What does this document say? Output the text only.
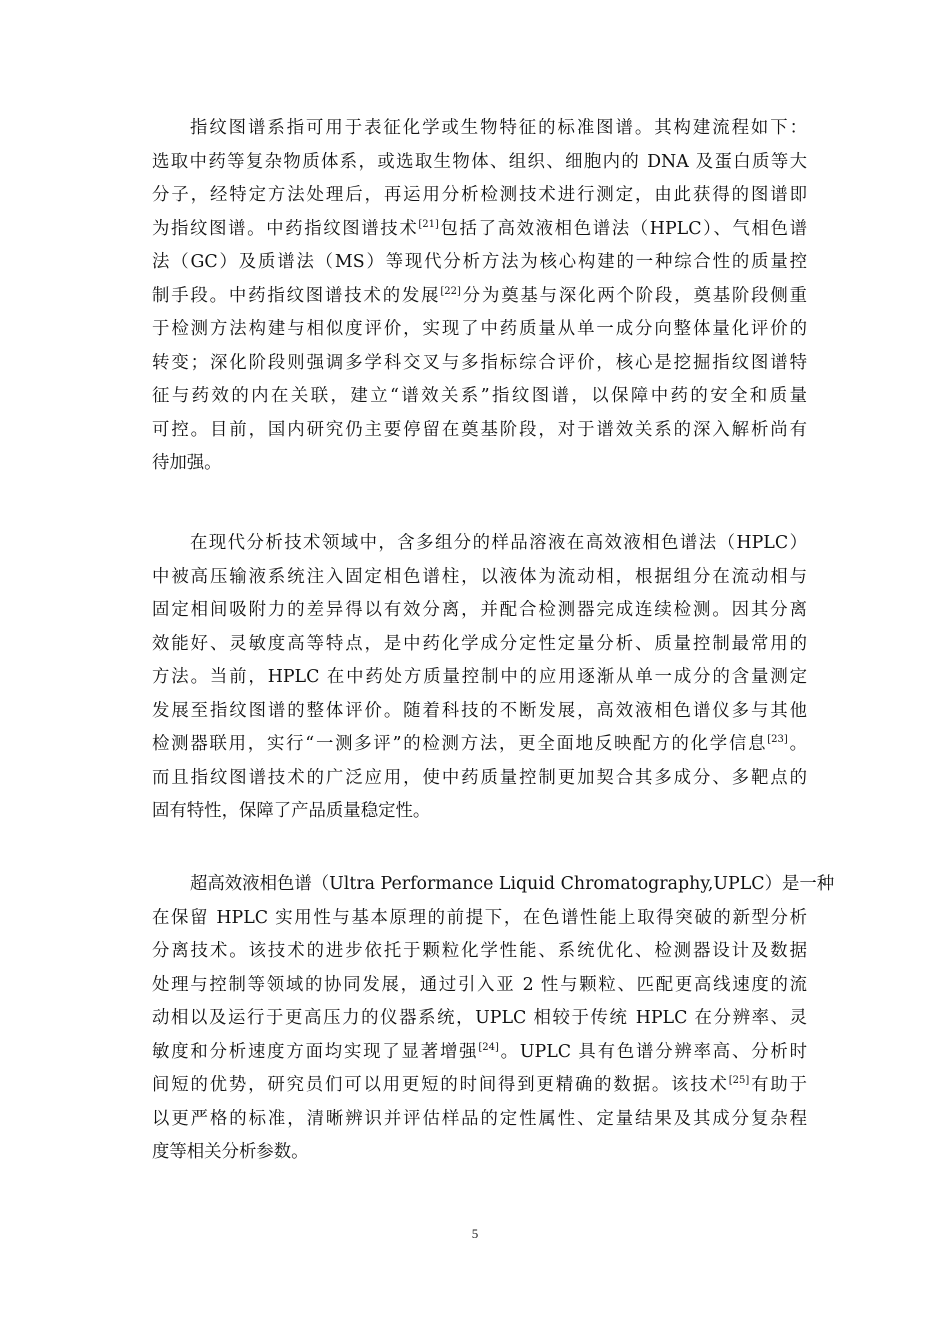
指纹图谱系指可用于表征化学或生物特征的标准图谱。其构建流程如下：
选取中药等复杂物质体系，或选取生物体、组织、细胞内的 DNA 及蛋白质等大
分子，经特定方法处理后，再运用分析检测技术进行测定，由此获得的图谱即
为指纹图谱。中药指纹图谱技术[21]包括了高效液相色谱法（HPLC）、气相色谱
法（GC）及质谱法（MS）等现代分析方法为核心构建的一种综合性的质量控
制手段。中药指纹图谱技术的发展[22]分为奠基与深化两个阶段，奠基阶段侧重
于检测方法构建与相似度评价，实现了中药质量从单一成分向整体量化评价的
转变；深化阶段则强调多学科交叉与多指标综合评价，核心是挖掘指纹图谱特
征与药效的内在关联，建立“谱效关系”指纹图谱，以保障中药的安全和质量
可控。目前，国内研究仍主要停留在奠基阶段，对于谱效关系的深入解析尚有
待加强。
在现代分析技术领域中，含多组分的样品溶液在高效液相色谱法（HPLC）
中被高压输液系统注入固定相色谱柱，以液体为流动相，根据组分在流动相与
固定相间吸附力的差异得以有效分离，并配合检测器完成连续检测。因其分离
效能好、灵敏度高等特点，是中药化学成分定性定量分析、质量控制最常用的
方法。当前，HPLC 在中药处方质量控制中的应用逐渐从单一成分的含量测定
发展至指纹图谱的整体评价。随着科技的不断发展，高效液相色谱仪多与其他
检测器联用，实行“一测多评”的检测方法，更全面地反映配方的化学信息[23]。
而且指纹图谱技术的广泛应用，使中药质量控制更加契合其多成分、多靶点的
固有特性，保障了产品质量稳定性。
超高效液相色谱（Ultra Performance Liquid Chromatography,UPLC）是一种
在保留 HPLC 实用性与基本原理的前提下，在色谱性能上取得突破的新型分析
分离技术。该技术的进步依托于颗粒化学性能、系统优化、检测器设计及数据
处理与控制等领域的协同发展，通过引入亚 2 性与颗粒、匹配更高线速度的流
动相以及运行于更高压力的仪器系统，UPLC 相较于传统 HPLC 在分辨率、灵
敏度和分析速度方面均实现了显著增强[24]。UPLC 具有色谱分辨率高、分析时
间短的优势，研究员们可以用更短的时间得到更精确的数据。该技术[25]有助于
以更严格的标准，清晰辨识并评估样品的定性属性、定量结果及其成分复杂程
度等相关分析参数。
5
